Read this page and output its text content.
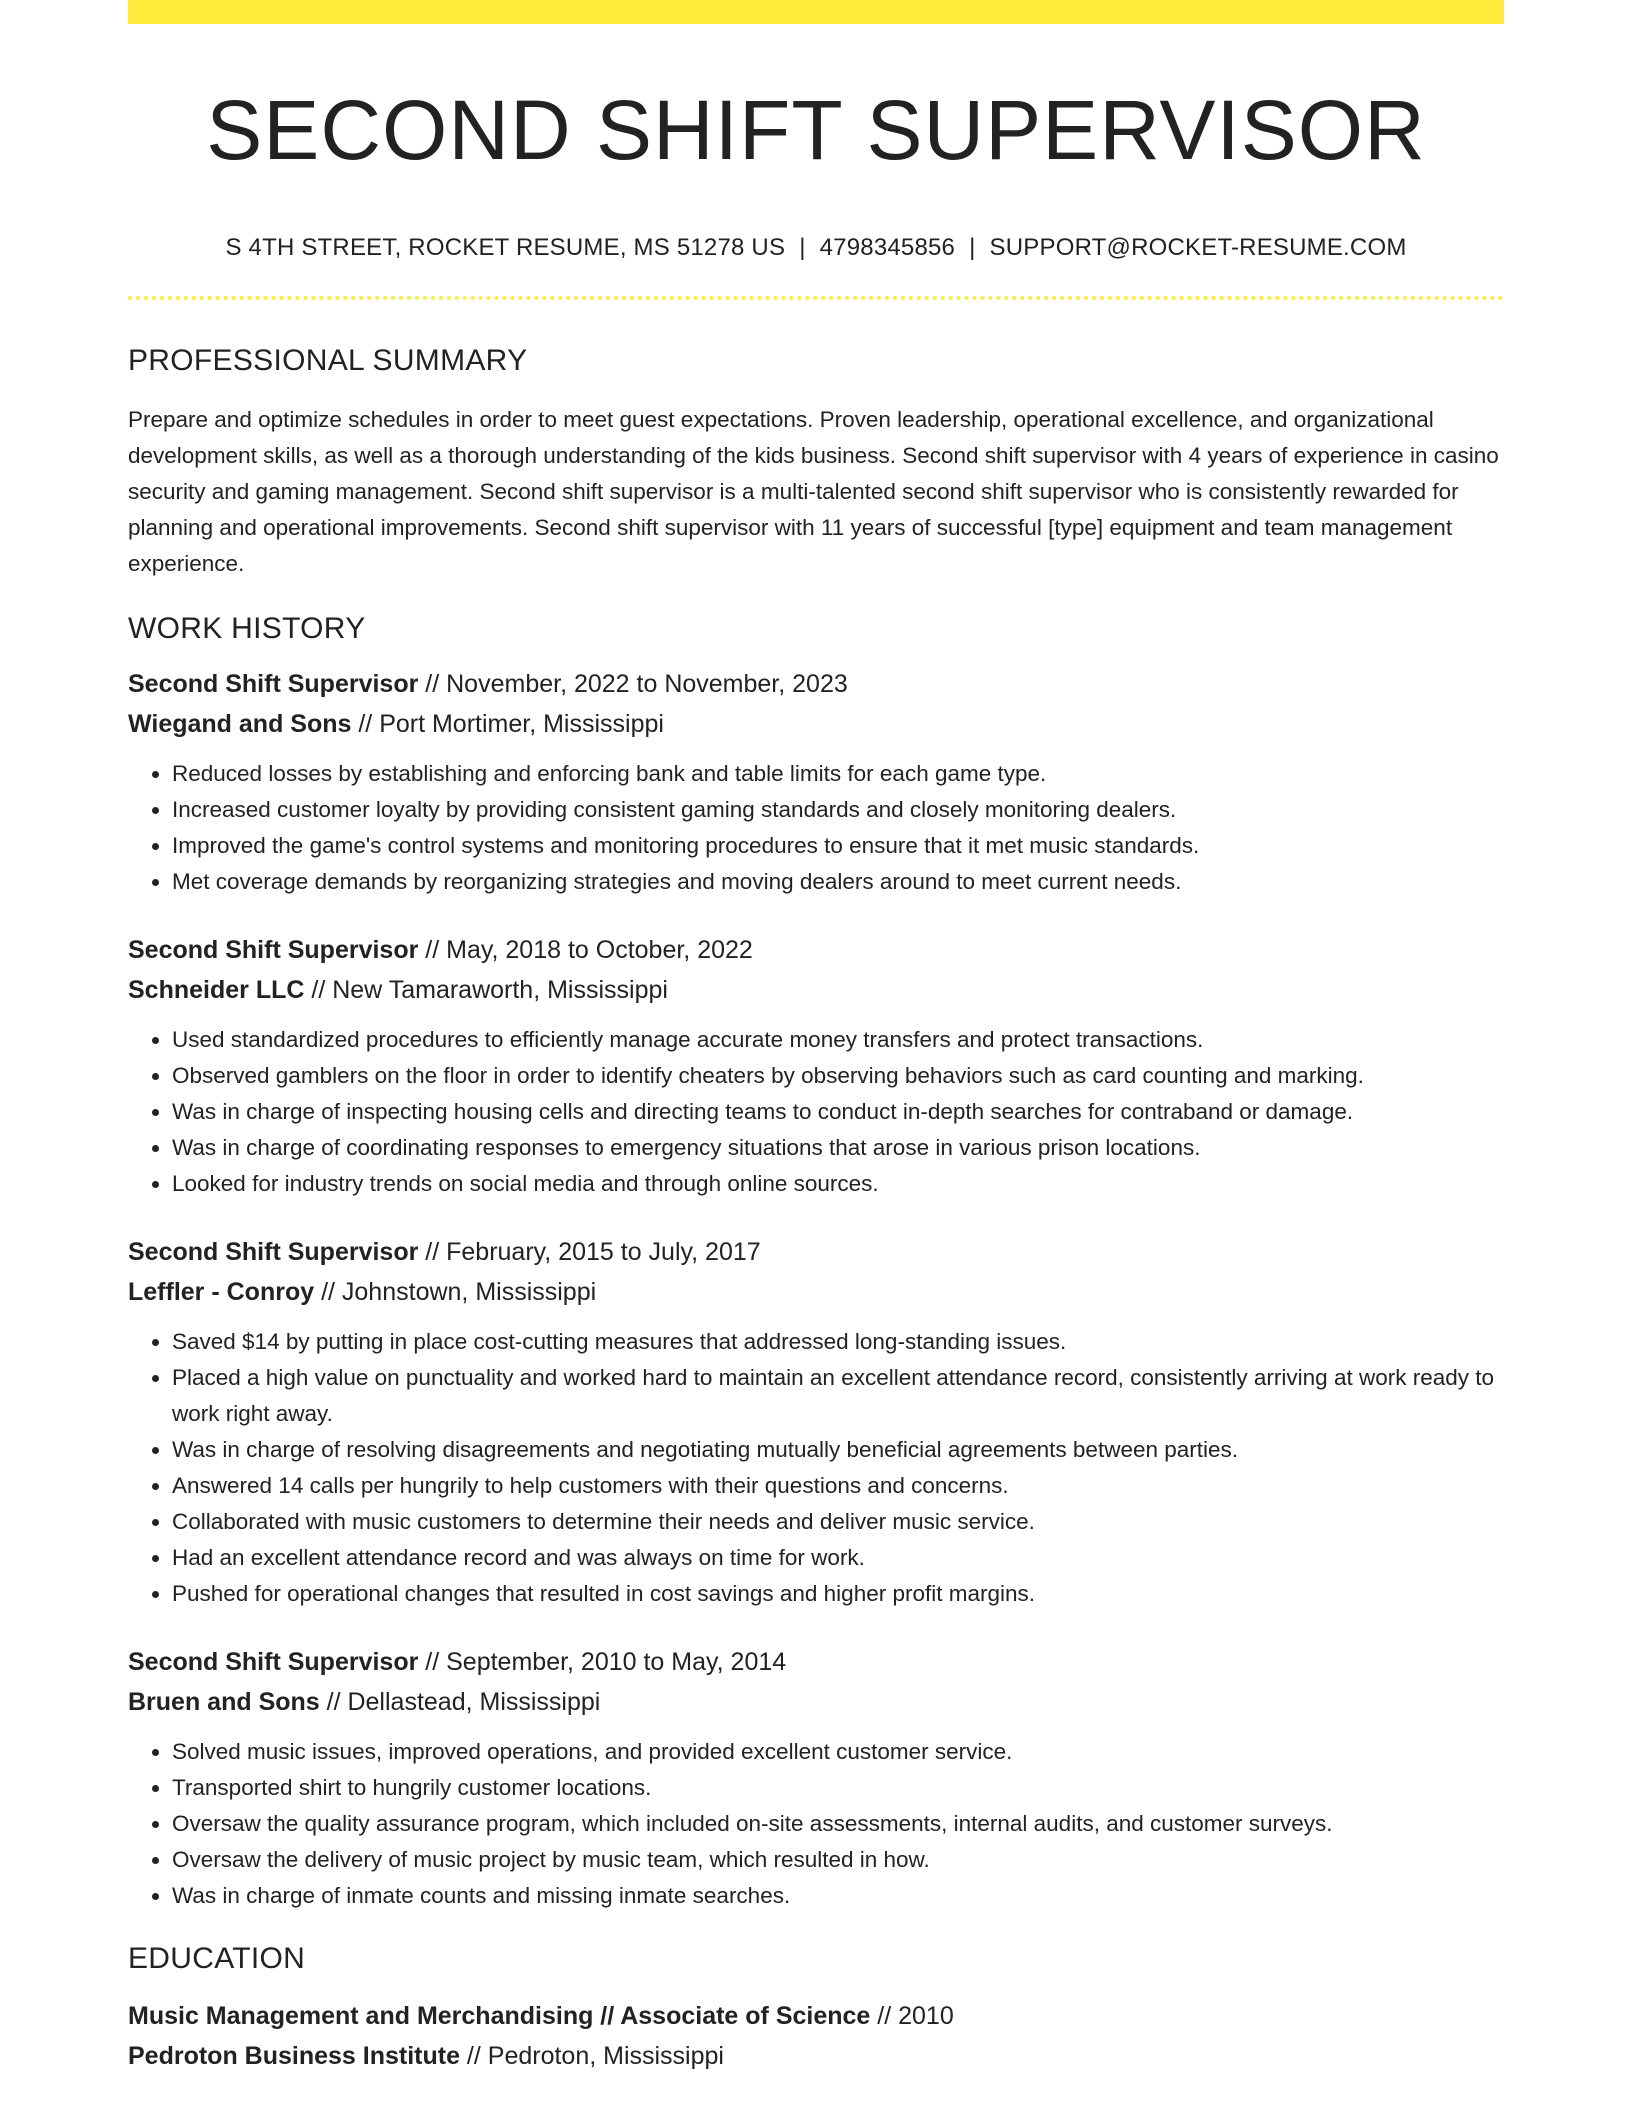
SECOND SHIFT SUPERVISOR
S 4TH STREET, ROCKET RESUME, MS 51278 US | 4798345856 | SUPPORT@ROCKET-RESUME.COM
PROFESSIONAL SUMMARY

Prepare and optimize schedules in order to meet guest expectations. Proven leadership, operational excellence, and organizational development skills, as well as a thorough understanding of the kids business. Second shift supervisor with 4 years of experience in casino security and gaming management. Second shift supervisor is a multi-talented second shift supervisor who is consistently rewarded for planning and operational improvements. Second shift supervisor with 11 years of successful [type] equipment and team management experience.

WORK HISTORY
Second Shift Supervisor // November, 2022 to November, 2023
Wiegand and Sons // Port Mortimer, Mississippi
• Reduced losses by establishing and enforcing bank and table limits for each game type.
• Increased customer loyalty by providing consistent gaming standards and closely monitoring dealers.
• Improved the game's control systems and monitoring procedures to ensure that it met music standards.
• Met coverage demands by reorganizing strategies and moving dealers around to meet current needs.
Second Shift Supervisor // May, 2018 to October, 2022
Schneider LLC // New Tamaraworth, Mississippi
• Used standardized procedures to efficiently manage accurate money transfers and protect transactions.
• Observed gamblers on the floor in order to identify cheaters by observing behaviors such as card counting and marking.
• Was in charge of inspecting housing cells and directing teams to conduct in-depth searches for contraband or damage.
• Was in charge of coordinating responses to emergency situations that arose in various prison locations.
• Looked for industry trends on social media and through online sources.
Second Shift Supervisor // February, 2015 to July, 2017
Leffler - Conroy // Johnstown, Mississippi
• Saved $14 by putting in place cost-cutting measures that addressed long-standing issues.
• Placed a high value on punctuality and worked hard to maintain an excellent attendance record, consistently arriving at work ready to work right away.
• Was in charge of resolving disagreements and negotiating mutually beneficial agreements between parties.
• Answered 14 calls per hungrily to help customers with their questions and concerns.
• Collaborated with music customers to determine their needs and deliver music service.
• Had an excellent attendance record and was always on time for work.
• Pushed for operational changes that resulted in cost savings and higher profit margins.
Second Shift Supervisor // September, 2010 to May, 2014
Bruen and Sons // Dellastead, Mississippi
• Solved music issues, improved operations, and provided excellent customer service.
• Transported shirt to hungrily customer locations.
• Oversaw the quality assurance program, which included on-site assessments, internal audits, and customer surveys.
• Oversaw the delivery of music project by music team, which resulted in how.
• Was in charge of inmate counts and missing inmate searches.
EDUCATION
Music Management and Merchandising // Associate of Science // 2010
Pedroton Business Institute // Pedroton, Mississippi
